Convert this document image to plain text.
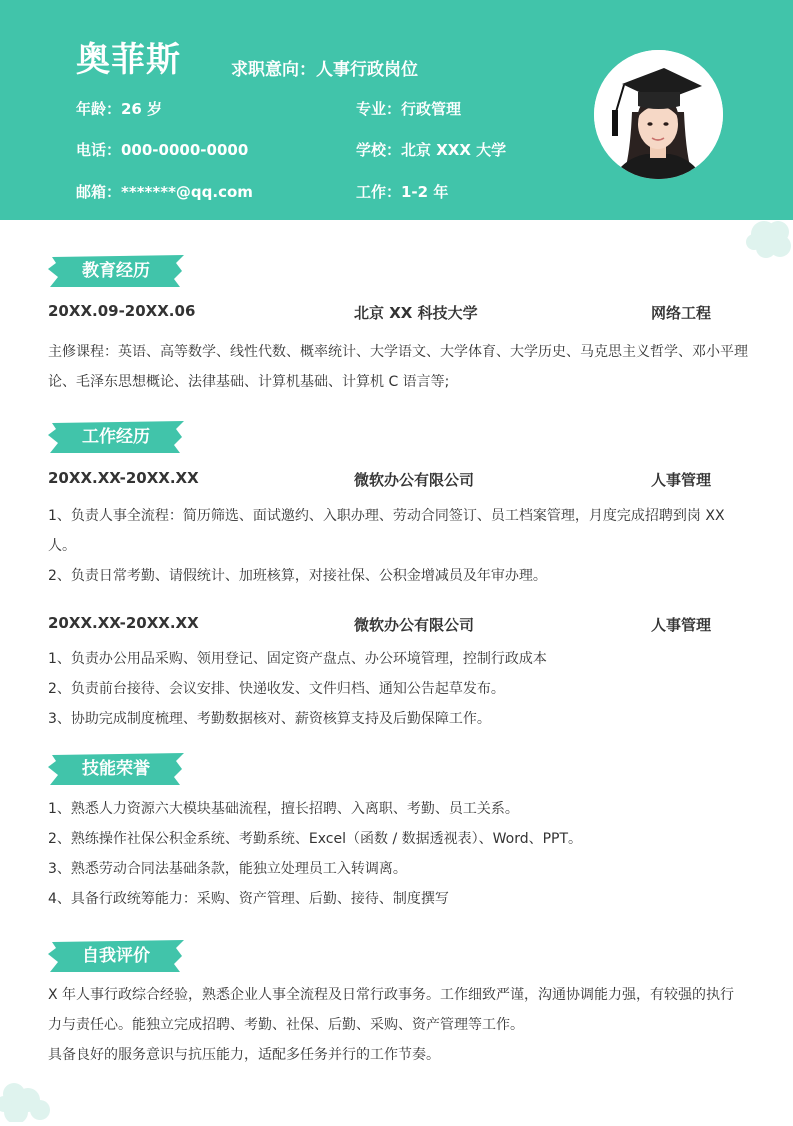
奥菲斯	求职意向：人事行政岗位
年龄：26 岁	专业：行政管理
电话：000-0000-0000	学校：北京 XXX 大学
邮箱：*******@qq.com	工作：1-2 年
教育经历
20XX.09-20XX.06	北京 XX 科技大学	网络工程

主修课程：英语、高等数学、线性代数、概率统计、大学语文、大学体育、大学历史、马克思主义哲学、邓小平理论、毛泽东思想概论、法律基础、计算机基础、计算机 C 语言等;

工作经历
20XX.XX-20XX.XX	微软办公有限公司	人事管理

1、负责人事全流程：简历筛选、面试邀约、入职办理、劳动合同签订、员工档案管理，月度完成招聘到岗 XX 人。

2、负责日常考勤、请假统计、加班核算，对接社保、公积金增减员及年审办理。

20XX.XX-20XX.XX	微软办公有限公司	人事管理

1、负责办公用品采购、领用登记、固定资产盘点、办公环境管理，控制行政成本

2、负责前台接待、会议安排、快递收发、文件归档、通知公告起草发布。

3、协助完成制度梳理、考勤数据核对、薪资核算支持及后勤保障工作。

技能荣誉

1、熟悉人力资源六大模块基础流程，擅长招聘、入离职、考勤、员工关系。

2、熟练操作社保公积金系统、考勤系统、Excel（函数 / 数据透视表）、Word、PPT。

3、熟悉劳动合同法基础条款，能独立处理员工入转调离。

4、具备行政统筹能力：采购、资产管理、后勤、接待、制度撰写

自我评价

X 年人事行政综合经验，熟悉企业人事全流程及日常行政事务。工作细致严谨，沟通协调能力强，有较强的执行力与责任心。能独立完成招聘、考勤、社保、后勤、采购、资产管理等工作。

具备良好的服务意识与抗压能力，适配多任务并行的工作节奏。
